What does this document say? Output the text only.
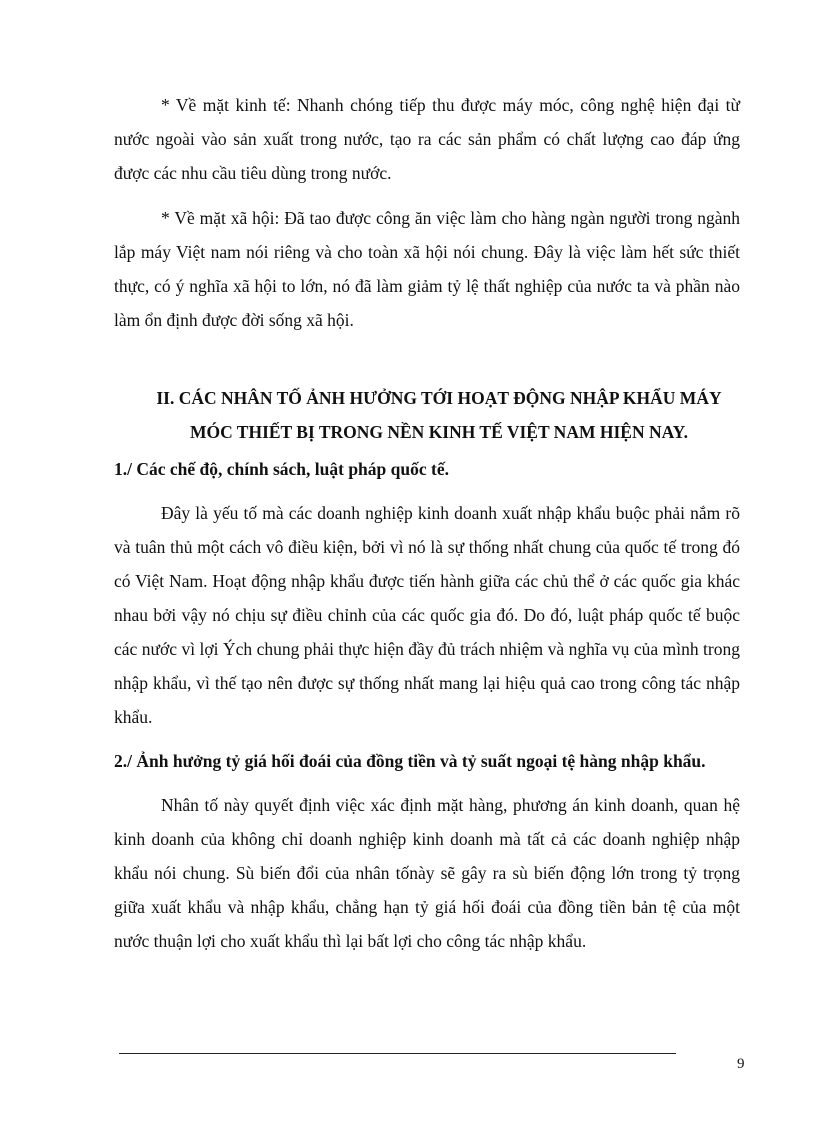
* Về mặt kinh tế: Nhanh chóng tiếp thu được máy móc, công nghệ hiện đại từ nước ngoài vào sản xuất trong nước, tạo ra các sản phẩm có chất lượng cao đáp ứng được các nhu cầu tiêu dùng trong nước.

* Về mặt xã hội: Đã tao được công ăn việc làm cho hàng ngàn người trong ngành lắp máy Việt nam nói riêng và cho toàn xã hội nói chung. Đây là việc làm hết sức thiết thực, có ý nghĩa xã hội to lớn, nó đã làm giảm tỷ lệ thất nghiệp của nước ta và phần nào làm ổn định được đời sống xã hội.

II. CÁC NHÂN TỐ ẢNH HƯỞNG TỚI HOẠT ĐỘNG NHẬP KHẨU MÁY MÓC THIẾT BỊ TRONG NỀN KINH TẾ VIỆT NAM HIỆN NAY.

1./ Các chế độ, chính sách, luật pháp quốc tế.

Đây là yếu tố mà các doanh nghiệp kinh doanh xuất nhập khẩu buộc phải nắm rõ và tuân thủ một cách vô điều kiện, bởi vì nó là sự thống nhất chung của quốc tế trong đó có Việt Nam. Hoạt động nhập khẩu được tiến hành giữa các chủ thể ở các quốc gia khác nhau bởi vậy nó chịu sự điều chỉnh của các quốc gia đó. Do đó, luật pháp quốc tế buộc các nước vì lợi Ých chung phải thực hiện đầy đủ trách nhiệm và nghĩa vụ của mình trong nhập khẩu, vì thế tạo nên được sự thống nhất mang lại hiệu quả cao trong công tác nhập khẩu.

2./ Ảnh hưởng tỷ giá hối đoái của đồng tiền và tỷ suất ngoại tệ hàng nhập khẩu.

Nhân tố này quyết định việc xác định mặt hàng, phương án kinh doanh, quan hệ kinh doanh của không chỉ doanh nghiệp kinh doanh mà tất cả các doanh nghiệp nhập khẩu nói chung. Sù biến đổi của nhân tốnày sẽ gây ra sù biến động lớn trong tỷ trọng giữa xuất khẩu và nhập khẩu, chẳng hạn tỷ giá hối đoái của đồng tiền bản tệ của một nước thuận lợi cho xuất khẩu thì lại bất lợi cho công tác nhập khẩu.

9
